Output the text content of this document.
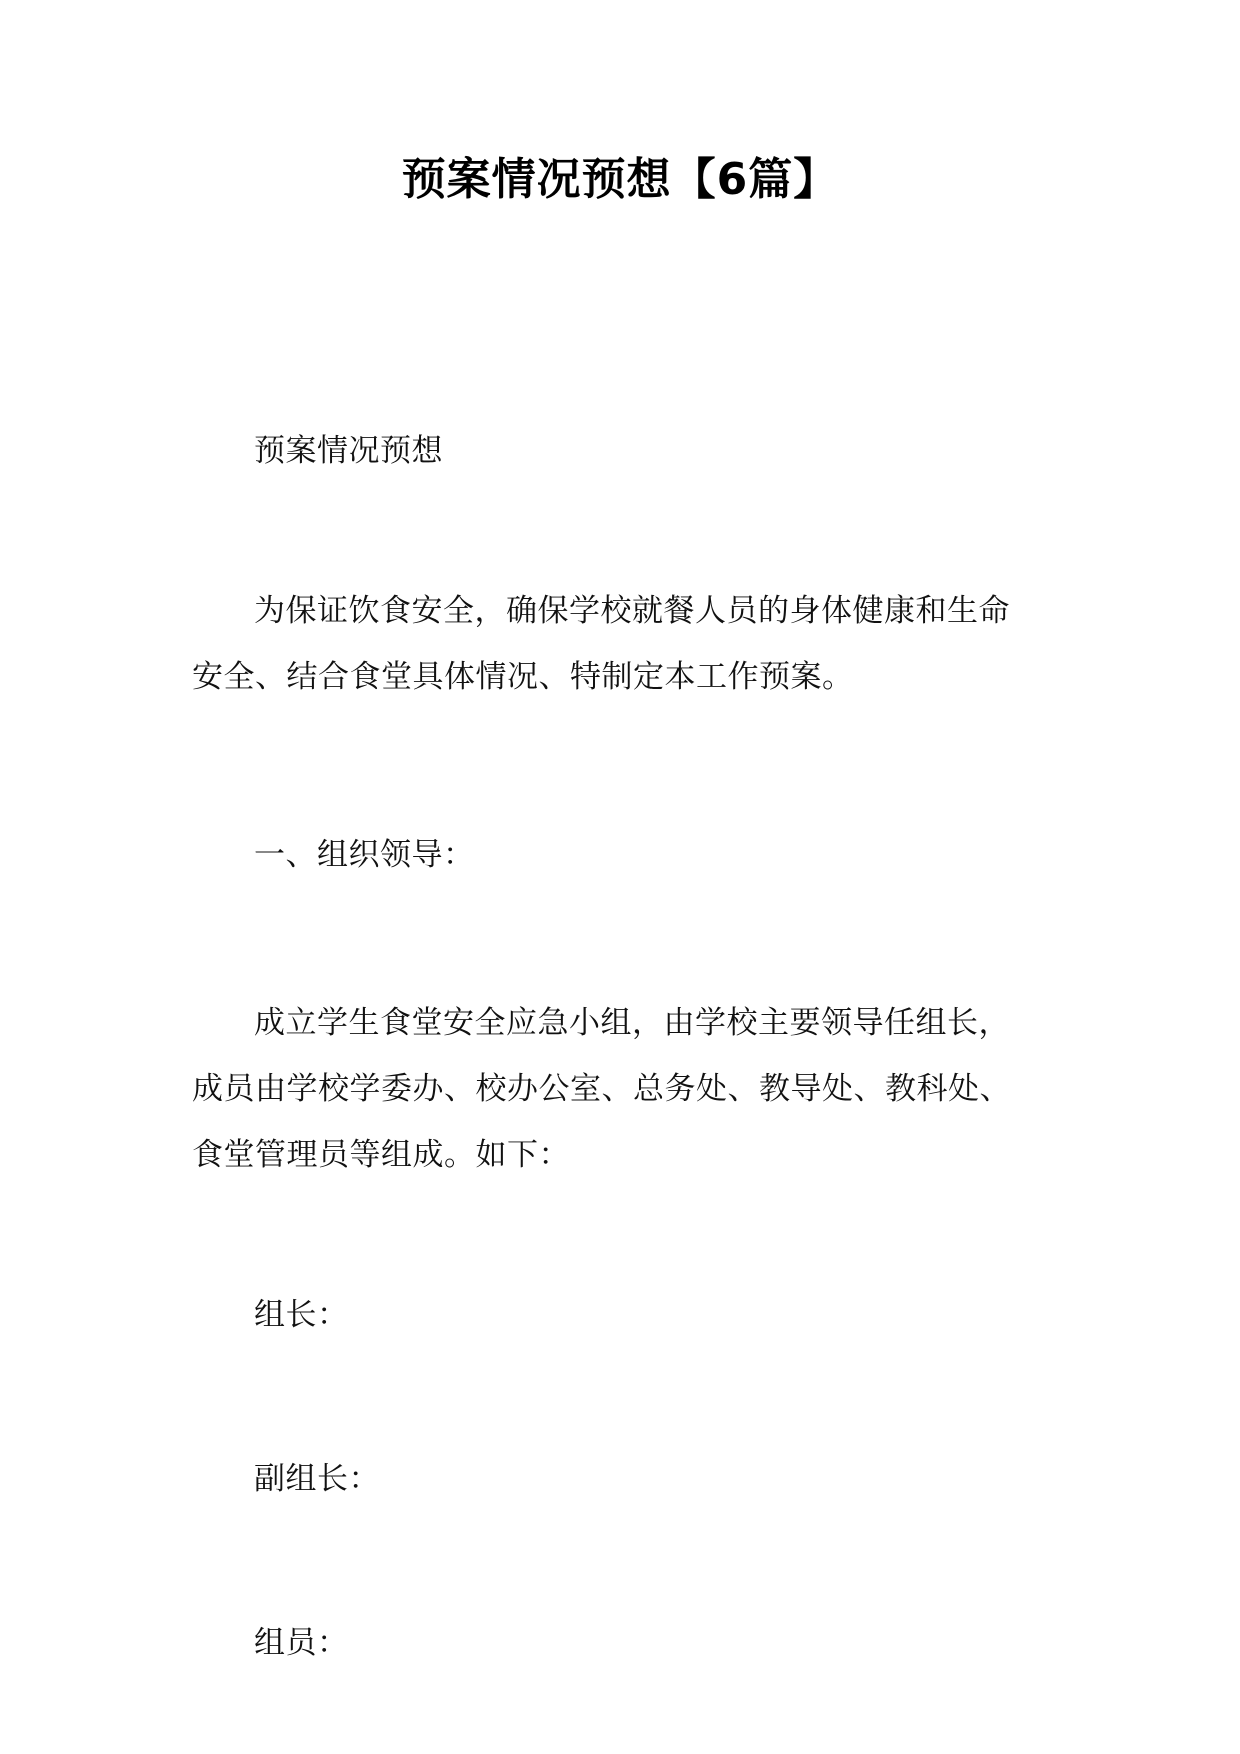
预案情况预想【6篇】

预案情况预想

为保证饮食安全，确保学校就餐人员的身体健康和生命
安全、结合食堂具体情况、特制定本工作预案。

一、组织领导：

成立学生食堂安全应急小组，由学校主要领导任组长，
成员由学校学委办、校办公室、总务处、教导处、教科处、
食堂管理员等组成。如下：

组长：

副组长：

组员：
